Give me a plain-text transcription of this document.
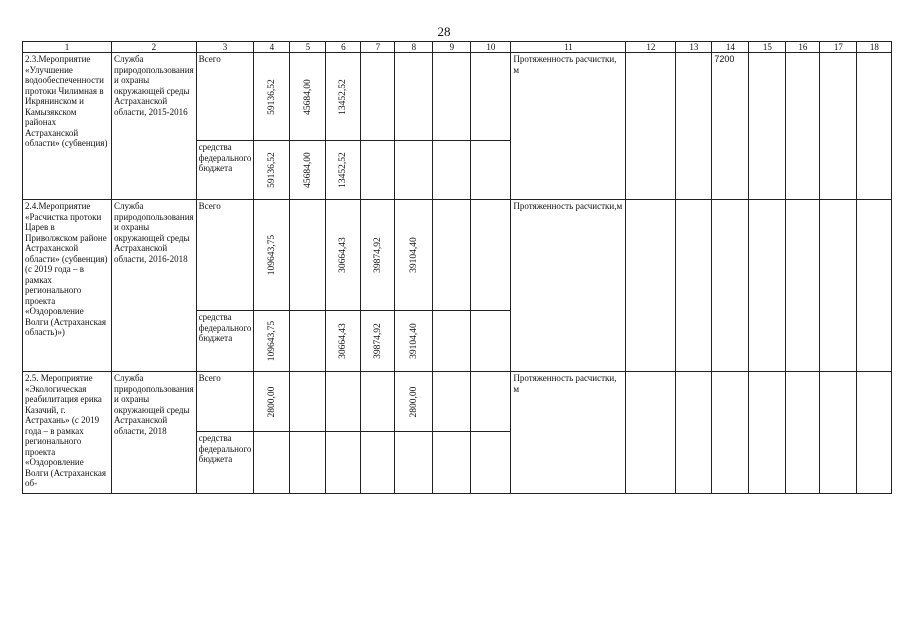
28
1	2	3	4	5	6	7	8	9	10	11	12	13	14	15	16	17	18
2.3.Мероприятие «Улучшение водообеспеченности протоки Чилимная в Икрянинском и Камызякском районах Астраханской области» (субвенция)	Служба природопользования и охраны окружающей среды Астраханской области, 2015-2016	Всего	59136,52	45684,00	13452,52					Протяженность расчистки, м			7200				
		средства федерального бюджета	59136,52	45684,00	13452,52												

2.4.Мероприятие «Расчистка протоки Царев в Приволжском районе Астраханской области» (субвенция) (с 2019 года – в рамках регионального проекта «Оздоровление Волги (Астраханская область)»)	Служба природопользования и охраны окружающей среды Астраханской области, 2016-2018	Всего	109643,75		30664,43	39874,92	39104,40			Протяженность расчистки,м							
		средства федерального бюджета	109643,75		30664,43	39874,92	39104,40										

2.5. Мероприятие «Экологическая реабилитация ерика Казачий, г. Астрахань» (с 2019 года – в рамках регионального проекта «Оздоровление Волги (Астраханская об-	Служба природопользования и охраны окружающей среды Астраханской области, 2018	Всего	2800,00				2800,00			Протяженность расчистки, м							
		средства федерального бюджета									
